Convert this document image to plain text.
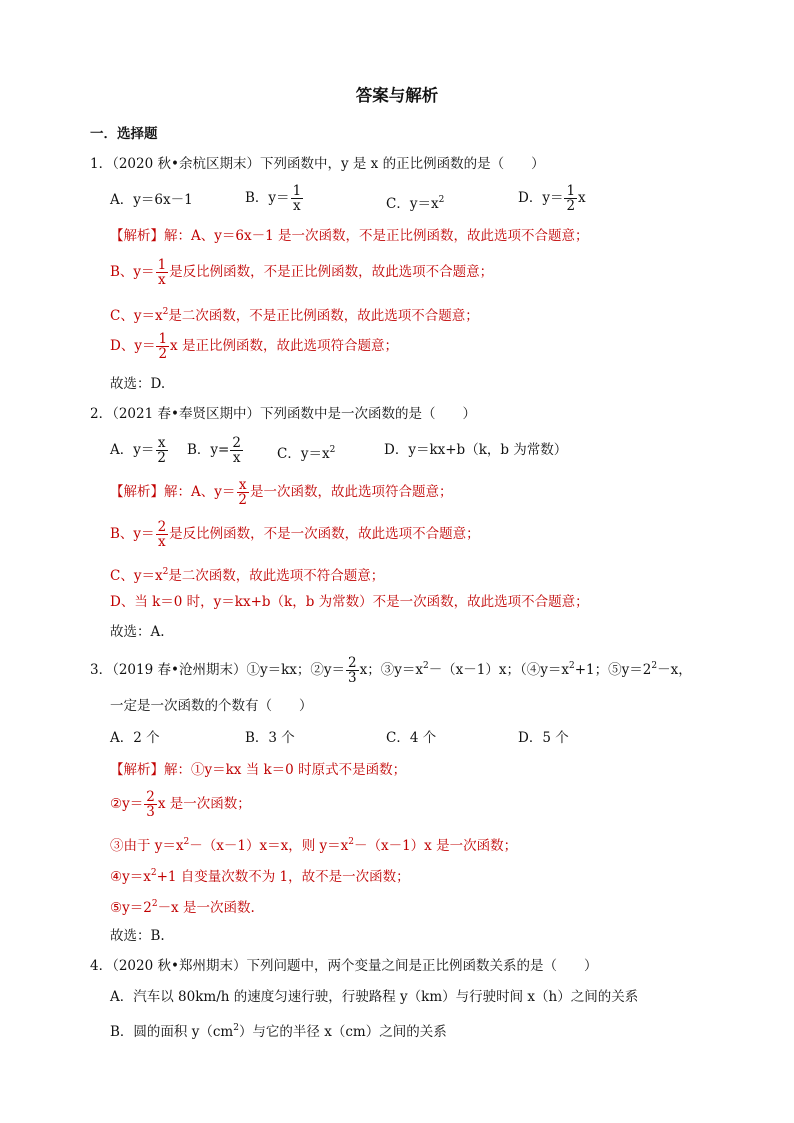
答案与解析
一．选择题
1．（2020 秋•余杭区期末）下列函数中，y 是 x 的正比例函数的是（　　）
A．y＝6x－1	B．$y= \frac{1}{x}$	C．$y=x^2$	D．$y= \frac{1}{2}$ x
【解析】解：A、y＝6x－1 是一次函数，不是正比例函数，故此选项不合题意；
B、$y= \frac{1}{x}$ 是反比例函数，不是正比例函数，故此选项不合题意；
C、$y=x^2$是二次函数，不是正比例函数，故此选项不合题意；
D、$y= \frac{1}{2}$ x 是正比例函数，故此选项符合题意；
故选：D.
2．（2021 春•奉贤区期中）下列函数中是一次函数的是（　　）
A．$y= \frac{x}{2}$ B．$y= \frac{2}{x}$	C．$y=x^2$	D．y＝kx+b（k，b 为常数）
【解析】解：A、$y= \frac{x}{2}$ 是一次函数，故此选项符合题意；
B、$y= \frac{2}{x}$ 是反比例函数，不是一次函数，故此选项不合题意；
C、$y=x^2$是二次函数，故此选项不符合题意；
D、当 k＝0 时，y＝kx+b（k，b 为常数）不是一次函数，故此选项不合题意；
故选：A.
3．（2019 春•沧州期末）①y＝kx；②y＝ $\frac{2}{3}$ x；$③y=x^2-(x-1)x$；（$④y=x^2+1$；$⑤y=2^2-x$，
一定是一次函数的个数有（　　）
A．2 个	B．3 个	C．4 个	D．5 个
【解析】解：①y＝kx 当 k＝0 时原式不是函数；
②y＝ $\frac{2}{3}$ x 是一次函数；
③由于 $y=x^2-(x-1)x=x$，则 $y=x^2-(x-1)x$ 是一次函数；
$④y=x^2+1$ 自变量次数不为 1，故不是一次函数；
$⑤y=2^2-x$ 是一次函数.
故选：B.
4．（2020 秋•郑州期末）下列问题中，两个变量之间是正比例函数关系的是（　　）
A．汽车以 80km/h 的速度匀速行驶，行驶路程 y（km）与行驶时间 x（h）之间的关系
B．圆的面积 $y(cm^2)$与它的半径 x（cm）之间的关系
